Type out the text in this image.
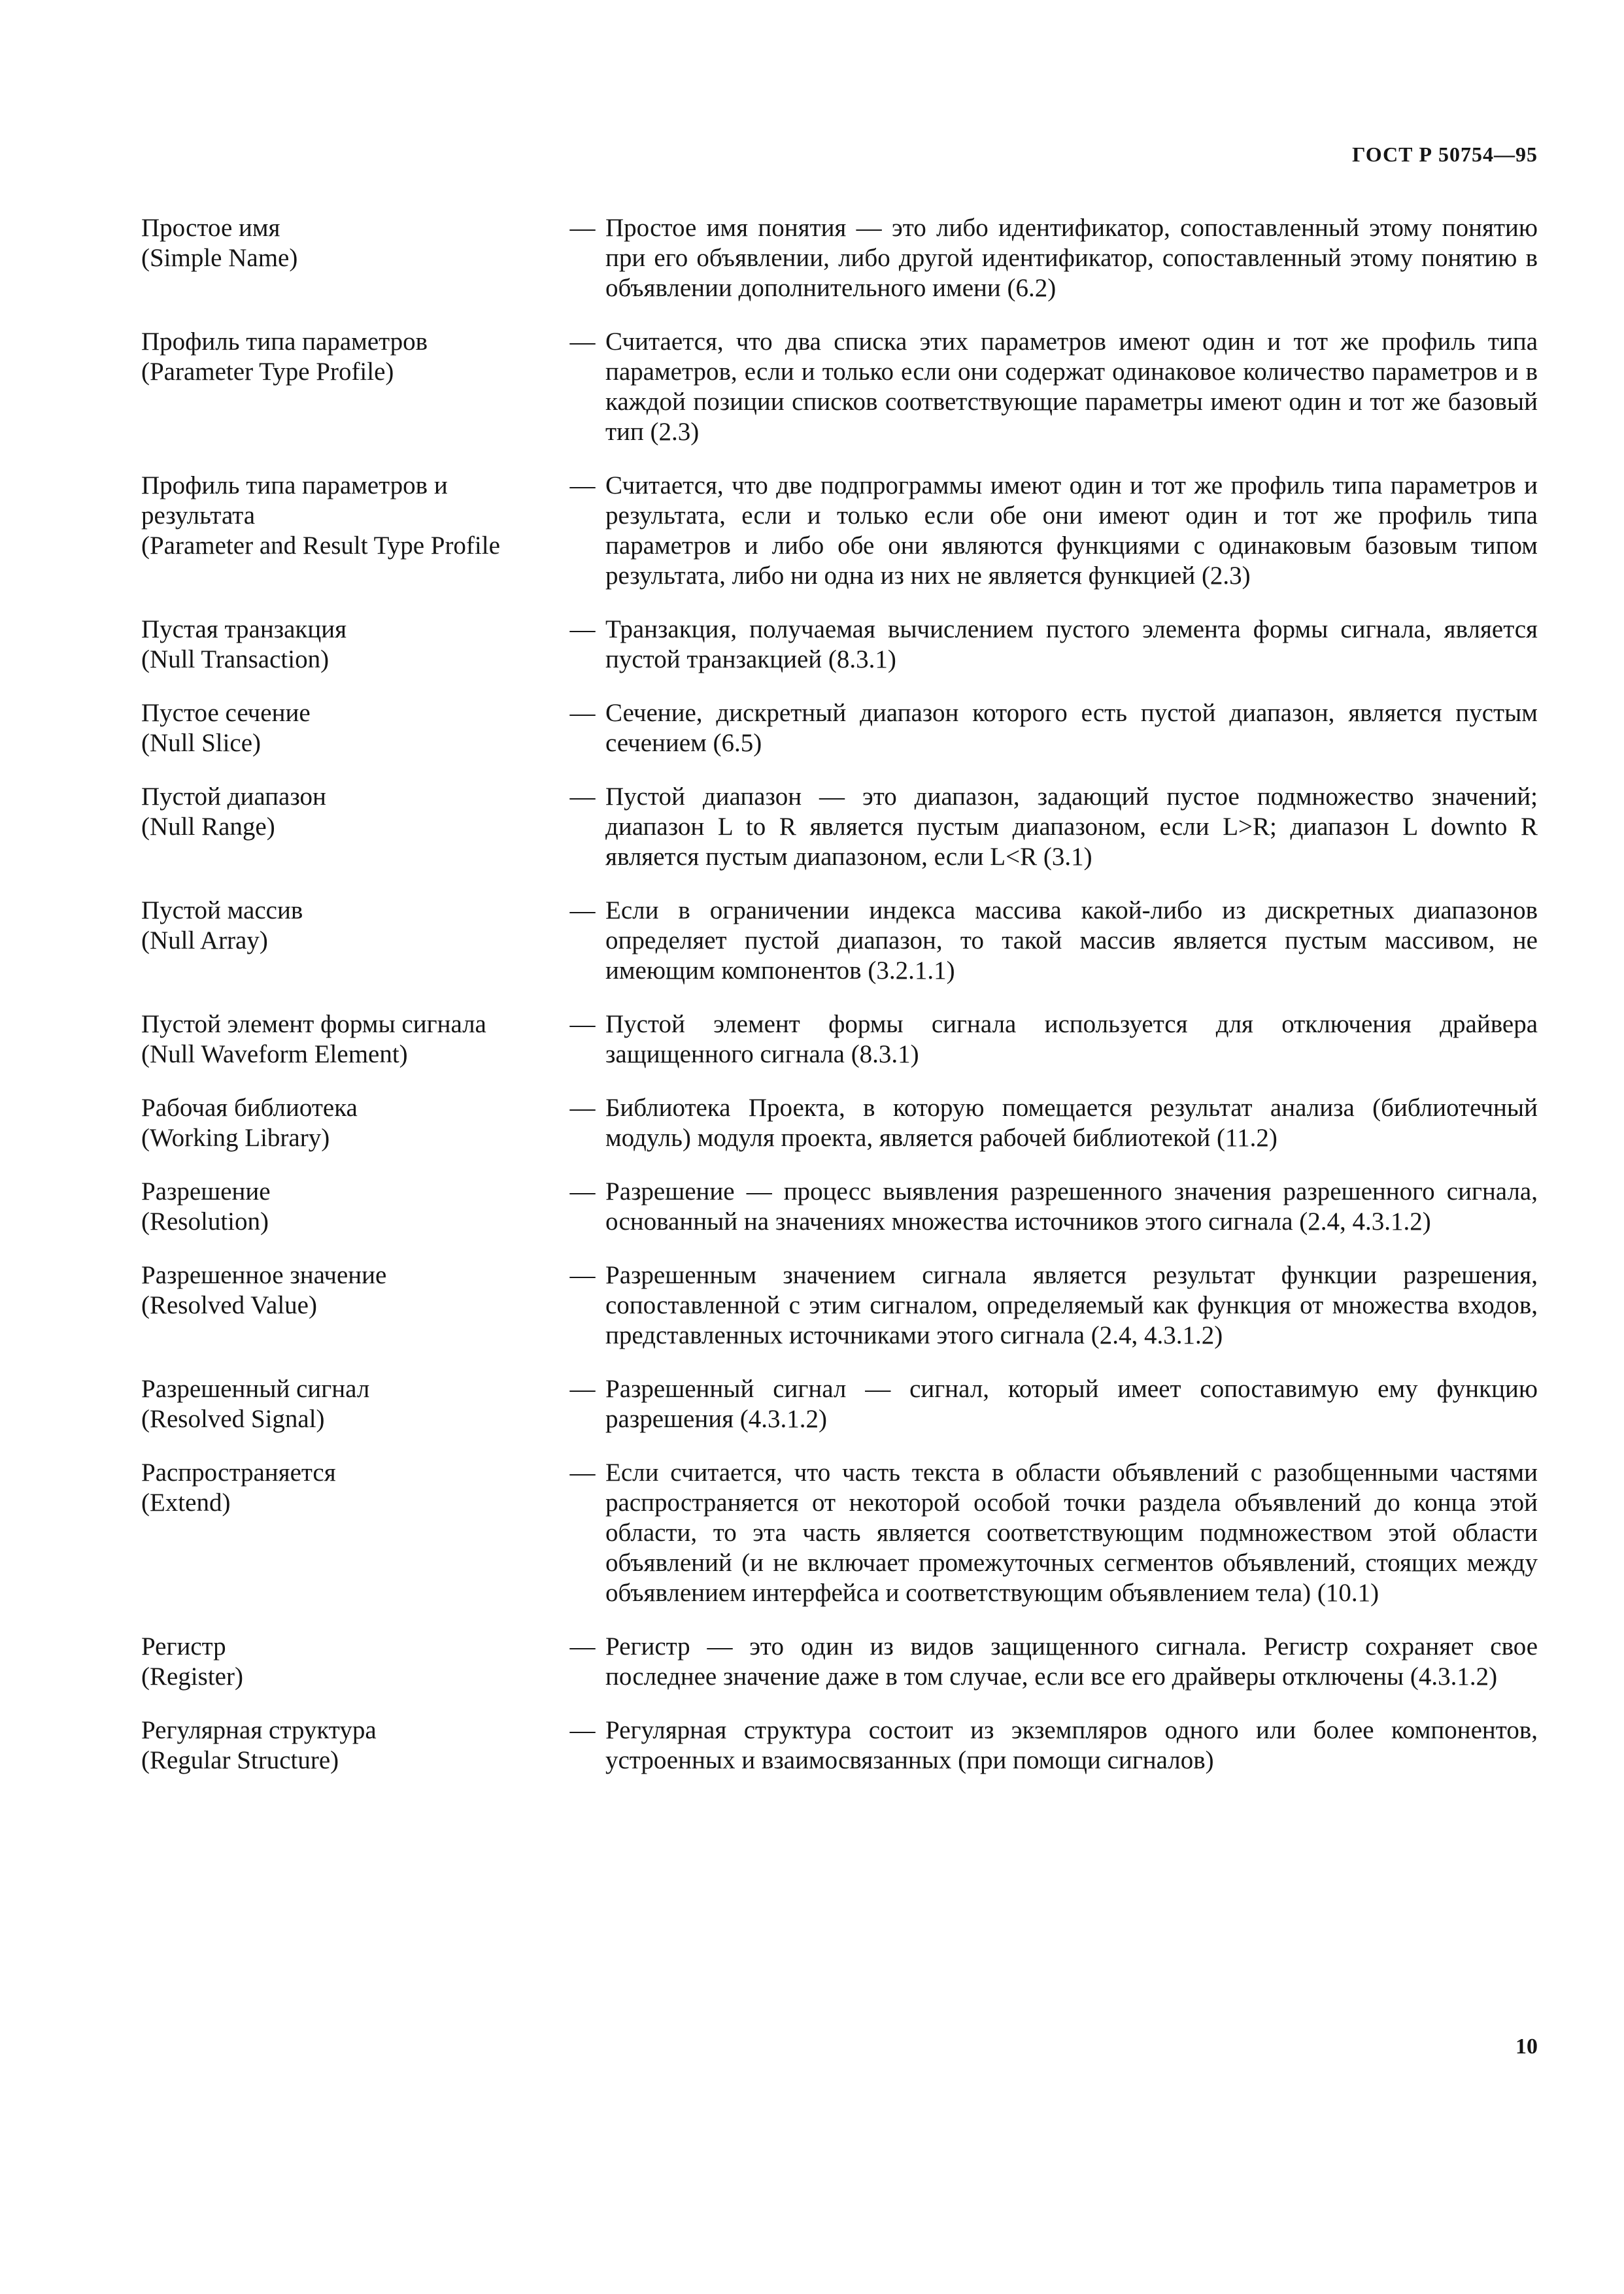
ГОСТ Р 50754—95
Простое имя
(Simple Name)
— Простое имя понятия — это либо идентификатор, сопоставленный этому понятию при его объявлении, либо другой идентификатор, сопоставленный этому понятию в объявлении дополнительного имени (6.2)
Профиль типа параметров
(Parameter Type Profile)
— Считается, что два списка этих параметров имеют один и тот же профиль типа параметров, если и только если они содержат одинаковое количество параметров и в каждой позиции списков соответствующие параметры имеют один и тот же базовый тип (2.3)
Профиль типа параметров и результата
(Parameter and Result Type Profile
— Считается, что две подпрограммы имеют один и тот же профиль типа параметров и результата, если и только если обе они имеют один и тот же профиль типа параметров и либо обе они являются функциями с одинаковым базовым типом результата, либо ни одна из них не является функцией (2.3)
Пустая транзакция
(Null Transaction)
— Транзакция, получаемая вычислением пустого элемента формы сигнала, является пустой транзакцией (8.3.1)
Пустое сечение
(Null Slice)
— Сечение, дискретный диапазон которого есть пустой диапазон, является пустым сечением (6.5)
Пустой диапазон
(Null Range)
— Пустой диапазон — это диапазон, задающий пустое подмножество значений; диапазон L to R является пустым диапазоном, если L>R; диапазон L downto R является пустым диапазоном, если L<R (3.1)
Пустой массив
(Null Array)
— Если в ограничении индекса массива какой-либо из дискретных диапазонов определяет пустой диапазон, то такой массив является пустым массивом, не имеющим компонентов (3.2.1.1)
Пустой элемент формы сигнала
(Null Waveform Element)
— Пустой элемент формы сигнала используется для отключения драйвера защищенного сигнала (8.3.1)
Рабочая библиотека
(Working Library)
— Библиотека Проекта, в которую помещается результат анализа (библиотечный модуль) модуля проекта, является рабочей библиотекой (11.2)
Разрешение
(Resolution)
— Разрешение — процесс выявления разрешенного значения разрешенного сигнала, основанный на значениях множества источников этого сигнала (2.4, 4.3.1.2)
Разрешенное значение
(Resolved Value)
— Разрешенным значением сигнала является результат функции разрешения, сопоставленной с этим сигналом, определяемый как функция от множества входов, представленных источниками этого сигнала (2.4, 4.3.1.2)
Разрешенный сигнал
(Resolved Signal)
— Разрешенный сигнал — сигнал, который имеет сопоставимую ему функцию разрешения (4.3.1.2)
Распространяется
(Extend)
— Если считается, что часть текста в области объявлений с разобщенными частями распространяется от некоторой особой точки раздела объявлений до конца этой области, то эта часть является соответствующим подмножеством этой области объявлений (и не включает промежуточных сегментов объявлений, стоящих между объявлением интерфейса и соответствующим объявлением тела) (10.1)
Регистр
(Register)
— Регистр — это один из видов защищенного сигнала. Регистр сохраняет свое последнее значение даже в том случае, если все его драйверы отключены (4.3.1.2)
Регулярная структура
(Regular Structure)
— Регулярная структура состоит из экземпляров одного или более компонентов, устроенных и взаимосвязанных (при помощи сигналов)
10
